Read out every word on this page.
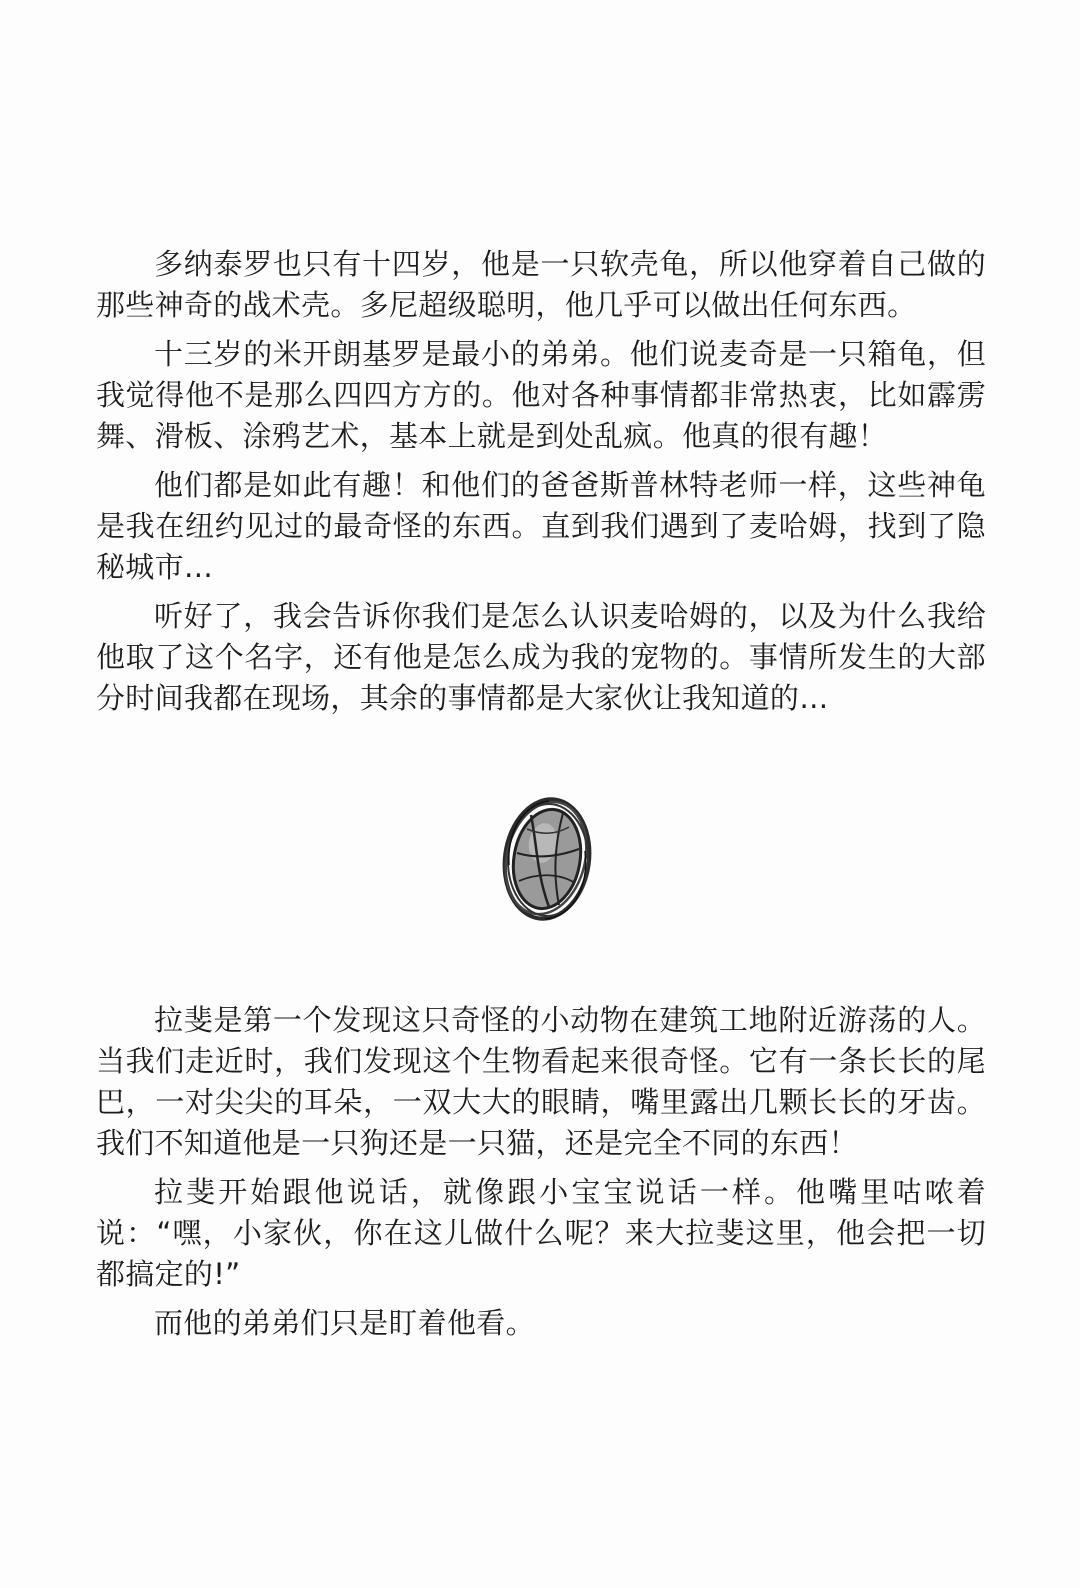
多纳泰罗也只有十四岁，他是一只软壳龟，所以他穿着自己做的那些神奇的战术壳。多尼超级聪明，他几乎可以做出任何东西。

十三岁的米开朗基罗是最小的弟弟。他们说麦奇是一只箱龟，但我觉得他不是那么四四方方的。他对各种事情都非常热衷，比如霹雳舞、滑板、涂鸦艺术，基本上就是到处乱疯。他真的很有趣！

他们都是如此有趣！和他们的爸爸斯普林特老师一样，这些神龟是我在纽约见过的最奇怪的东西。直到我们遇到了麦哈姆，找到了隐秘城市…

听好了，我会告诉你我们是怎么认识麦哈姆的，以及为什么我给他取了这个名字，还有他是怎么成为我的宠物的。事情所发生的大部分时间我都在现场，其余的事情都是大家伙让我知道的…

拉斐是第一个发现这只奇怪的小动物在建筑工地附近游荡的人。当我们走近时，我们发现这个生物看起来很奇怪。它有一条长长的尾巴，一对尖尖的耳朵，一双大大的眼睛，嘴里露出几颗长长的牙齿。我们不知道他是一只狗还是一只猫，还是完全不同的东西！

拉斐开始跟他说话，就像跟小宝宝说话一样。他嘴里咕哝着说：“嘿，小家伙，你在这儿做什么呢？来大拉斐这里，他会把一切都搞定的!”

而他的弟弟们只是盯着他看。
